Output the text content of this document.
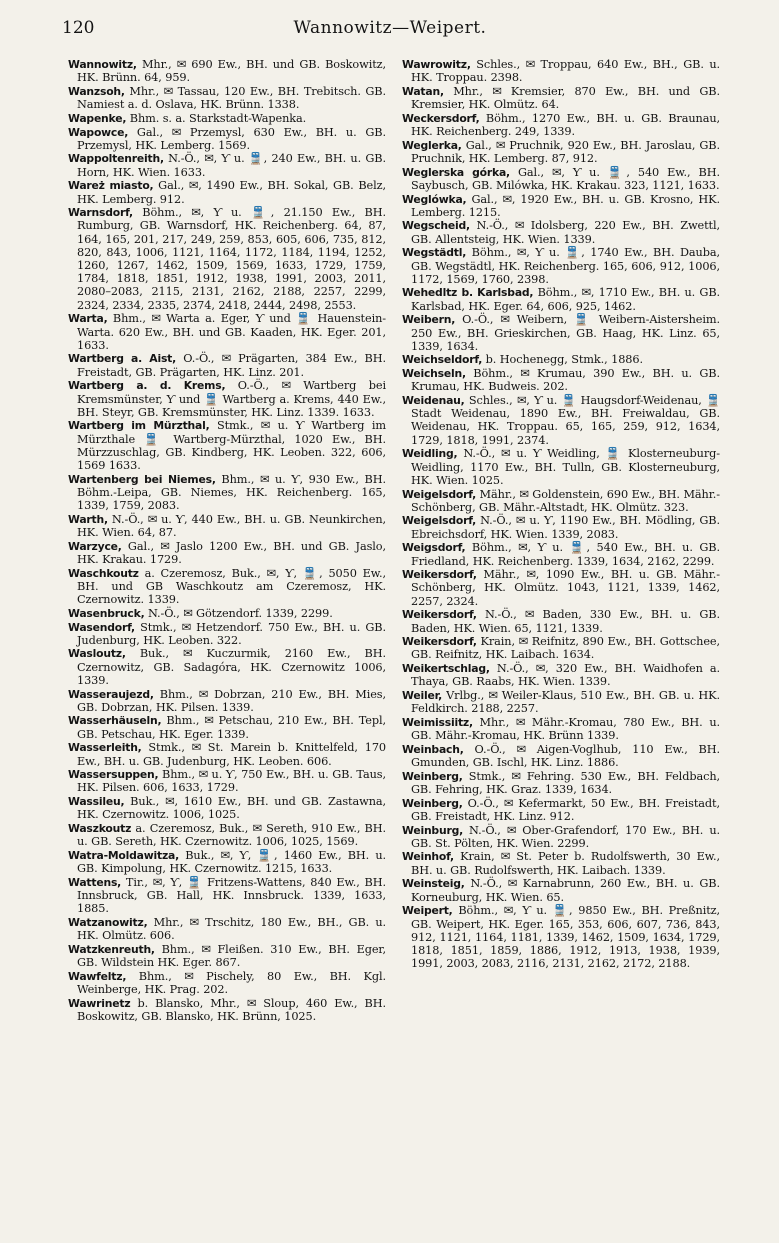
120	Wannowitz—Weipert.

Wannowitz, Mhr., ✉ 690 Ew., BH. und GB. Boskowitz, HK. Brünn. 64, 959.

Wanzsoh, Mhr., ✉ Tassau, 120 Ew., BH. Trebitsch. GB. Namiest a. d. Oslava, HK. Brünn. 1338.

Wapenke, Bhm. s. a. Starkstadt-Wapenka.

Wapowce, Gal., ✉ Przemysl, 630 Ew., BH. u. GB. Przemysl, HK. Lemberg. 1569.

Wappoltenreith, N.-Ö., ✉, Ƴ u. 🚆, 240 Ew., BH. u. GB. Horn, HK. Wien. 1633.

Wareż miasto, Gal., ✉, 1490 Ew., BH. Sokal, GB. Belz, HK. Lemberg. 912.

Warnsdorf, Böhm., ✉, Ƴ u. 🚆, 21.150 Ew., BH. Rumburg, GB. Warnsdorf, HK. Reichenberg. 64, 87, 164, 165, 201, 217, 249, 259, 853, 605, 606, 735, 812, 820, 843, 1006, 1121, 1164, 1172, 1184, 1194, 1252, 1260, 1267, 1462, 1509, 1569, 1633, 1729, 1759, 1784, 1818, 1851, 1912, 1938, 1991, 2003, 2011, 2080–2083, 2115, 2131, 2162, 2188, 2257, 2299, 2324, 2334, 2335, 2374, 2418, 2444, 2498, 2553.

Warta, Bhm., ✉ Warta a. Eger, Ƴ und 🚆 Hauenstein-Warta. 620 Ew., BH. und GB. Kaaden, HK. Eger. 201, 1633.

Wartberg a. Aist, O.-Ö., ✉ Prägarten, 384 Ew., BH. Freistadt, GB. Prägarten, HK. Linz. 201.

Wartberg a. d. Krems, O.-Ö., ✉ Wartberg bei Kremsmünster, Ƴ und 🚆 Wartberg a. Krems, 440 Ew., BH. Steyr, GB. Kremsmünster, HK. Linz. 1339. 1633.

Wartberg im Mürzthal, Stmk., ✉ u. Ƴ Wartberg im Mürzthale 🚆 Wartberg-Mürzthal, 1020 Ew., BH. Mürzzuschlag, GB. Kindberg, HK. Leoben. 322, 606, 1569 1633.

Wartenberg bei Niemes, Bhm., ✉ u. Ƴ, 930 Ew., BH. Böhm.-Leipa, GB. Niemes, HK. Reichenberg. 165, 1339, 1759, 2083.

Warth, N.-Ö., ✉ u. Ƴ, 440 Ew., BH. u. GB. Neunkirchen, HK. Wien. 64, 87.

Warzyce, Gal., ✉ Jaslo 1200 Ew., BH. und GB. Jaslo, HK. Krakau. 1729.

Waschkoutz a. Czeremosz, Buk., ✉, Ƴ, 🚆, 5050 Ew., BH. und GB Waschkoutz am Czeremosz, HK. Czernowitz. 1339.

Wasenbruck, N.-Ö., ✉ Götzendorf. 1339, 2299.

Wasendorf, Stmk., ✉ Hetzendorf. 750 Ew., BH. u. GB. Judenburg, HK. Leoben. 322.

Wasloutz, Buk., ✉ Kuczurmik, 2160 Ew., BH. Czernowitz, GB. Sadagóra, HK. Czernowitz 1006, 1339.

Wasseraujezd, Bhm., ✉ Dobrzan, 210 Ew., BH. Mies, GB. Dobrzan, HK. Pilsen. 1339.

Wasserhäuseln, Bhm., ✉ Petschau, 210 Ew., BH. Tepl, GB. Petschau, HK. Eger. 1339.

Wasserleith, Stmk., ✉ St. Marein b. Knittelfeld, 170 Ew., BH. u. GB. Judenburg, HK. Leoben. 606.

Wassersuppen, Bhm., ✉ u. Ƴ, 750 Ew., BH. u. GB. Taus, HK. Pilsen. 606, 1633, 1729.

Wassileu, Buk., ✉, 1610 Ew., BH. und GB. Zastawna, HK. Czernowitz. 1006, 1025.

Waszkoutz a. Czeremosz, Buk., ✉ Sereth, 910 Ew., BH. u. GB. Sereth, HK. Czernowitz. 1006, 1025, 1569.

Watra-Moldawitza, Buk., ✉, Ƴ, 🚆, 1460 Ew., BH. u. GB. Kimpolung, HK. Czernowitz. 1215, 1633.

Wattens, Tir., ✉, Ƴ, 🚆 Fritzens-Wattens, 840 Ew., BH. Innsbruck, GB. Hall, HK. Innsbruck. 1339, 1633, 1885.

Watzanowitz, Mhr., ✉ Trschitz, 180 Ew., BH., GB. u. HK. Olmütz. 606.

Watzkenreuth, Bhm., ✉ Fleißen. 310 Ew., BH. Eger, GB. Wildstein HK. Eger. 867.

Wawfeltz, Bhm., ✉ Pischely, 80 Ew., BH. Kgl. Weinberge, HK. Prag. 202.

Wawrinetz b. Blansko, Mhr., ✉ Sloup, 460 Ew., BH. Boskowitz, GB. Blansko, HK. Brünn, 1025.

Wawrowitz, Schles., ✉ Troppau, 640 Ew., BH., GB. u. HK. Troppau. 2398.

Watan, Mhr., ✉ Kremsier, 870 Ew., BH. und GB. Kremsier, HK. Olmütz. 64.

Weckersdorf, Böhm., 1270 Ew., BH. u. GB. Braunau, HK. Reichenberg. 249, 1339.

Weglerka, Gal., ✉ Pruchnik, 920 Ew., BH. Jaroslau, GB. Pruchnik, HK. Lemberg. 87, 912.

Weglerska górka, Gal., ✉, Ƴ u. 🚆, 540 Ew., BH. Saybusch, GB. Milówka, HK. Krakau. 323, 1121, 1633.

Weglówka, Gal., ✉, 1920 Ew., BH. u. GB. Krosno, HK. Lemberg. 1215.

Wegscheid, N.-Ö., ✉ Idolsberg, 220 Ew., BH. Zwettl, GB. Allentsteig, HK. Wien. 1339.

Wegstädtl, Böhm., ✉, Ƴ u. 🚆, 1740 Ew., BH. Dauba, GB. Wegstädtl, HK. Reichenberg. 165, 606, 912, 1006, 1172, 1569, 1760, 2398.

Wehedltz b. Karlsbad, Böhm., ✉, 1710 Ew., BH. u. GB. Karlsbad, HK. Eger. 64, 606, 925, 1462.

Weibern, O.-Ö., ✉ Weibern, 🚆 Weibern-Aistersheim. 250 Ew., BH. Grieskirchen, GB. Haag, HK. Linz. 65, 1339, 1634.

Weichseldorf, b. Hochenegg, Stmk., 1886.

Weichseln, Böhm., ✉ Krumau, 390 Ew., BH. u. GB. Krumau, HK. Budweis. 202.

Weidenau, Schles., ✉, Ƴ u. 🚆 Haugsdorf-Weidenau, 🚆 Stadt Weidenau, 1890 Ew., BH. Freiwaldau, GB. Weidenau, HK. Troppau. 65, 165, 259, 912, 1634, 1729, 1818, 1991, 2374.

Weidling, N.-Ö., ✉ u. Ƴ Weidling, 🚆 Klosterneuburg-Weidling, 1170 Ew., BH. Tulln, GB. Klosterneuburg, HK. Wien. 1025.

Weigelsdorf, Mähr., ✉ Goldenstein, 690 Ew., BH. Mähr.-Schönberg, GB. Mähr.-Altstadt, HK. Olmütz. 323.

Weigelsdorf, N.-Ö., ✉ u. Ƴ, 1190 Ew., BH. Mödling, GB. Ebreichsdorf, HK. Wien. 1339, 2083.

Weigsdorf, Böhm., ✉, Ƴ u. 🚆, 540 Ew., BH. u. GB. Friedland, HK. Reichenberg. 1339, 1634, 2162, 2299.

Weikersdorf, Mähr., ✉, 1090 Ew., BH. u. GB. Mähr.-Schönberg, HK. Olmütz. 1043, 1121, 1339, 1462, 2257, 2324.

Weikersdorf, N.-Ö., ✉ Baden, 330 Ew., BH. u. GB. Baden, HK. Wien. 65, 1121, 1339.

Weikersdorf, Krain, ✉ Reifnitz, 890 Ew., BH. Gottschee, GB. Reifnitz, HK. Laibach. 1634.

Weikertschlag, N.-Ö., ✉, 320 Ew., BH. Waidhofen a. Thaya, GB. Raabs, HK. Wien. 1339.

Weiler, Vrlbg., ✉ Weiler-Klaus, 510 Ew., BH. GB. u. HK. Feldkirch. 2188, 2257.

Weimissiitz, Mhr., ✉ Mähr.-Kromau, 780 Ew., BH. u. GB. Mähr.-Kromau, HK. Brünn 1339.

Weinbach, O.-Ö., ✉ Aigen-Voglhub, 110 Ew., BH. Gmunden, GB. Ischl, HK. Linz. 1886.

Weinberg, Stmk., ✉ Fehring. 530 Ew., BH. Feldbach, GB. Fehring, HK. Graz. 1339, 1634.

Weinberg, O.-Ö., ✉ Kefermarkt, 50 Ew., BH. Freistadt, GB. Freistadt, HK. Linz. 912.

Weinburg, N.-Ö., ✉ Ober-Grafendorf, 170 Ew., BH. u. GB. St. Pölten, HK. Wien. 2299.

Weinhof, Krain, ✉ St. Peter b. Rudolfswerth, 30 Ew., BH. u. GB. Rudolfswerth, HK. Laibach. 1339.

Weinsteig, N.-Ö., ✉ Karnabrunn, 260 Ew., BH. u. GB. Korneuburg, HK. Wien. 65.

Weipert, Böhm., ✉, Ƴ u. 🚆, 9850 Ew., BH. Preßnitz, GB. Weipert, HK. Eger. 165, 353, 606, 607, 736, 843, 912, 1121, 1164, 1181, 1339, 1462, 1509, 1634, 1729, 1818, 1851, 1859, 1886, 1912, 1913, 1938, 1939, 1991, 2003, 2083, 2116, 2131, 2162, 2172, 2188.
